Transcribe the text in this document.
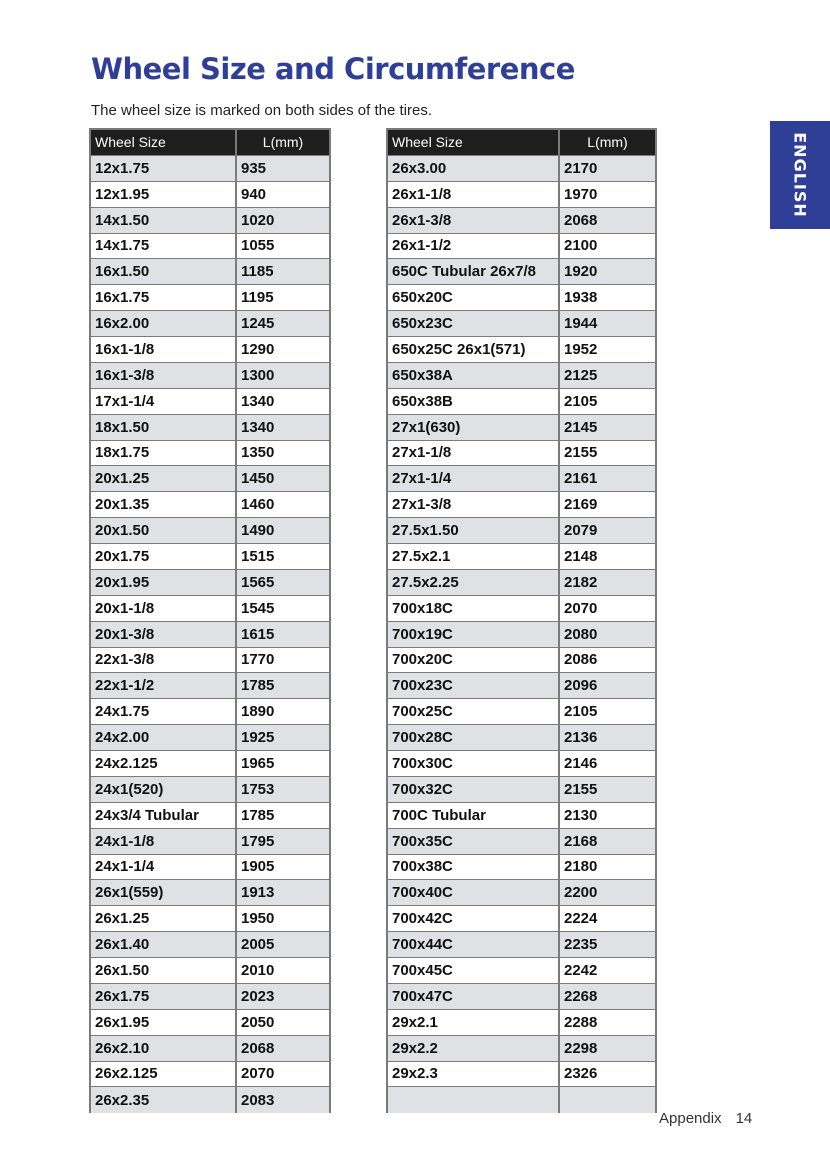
Wheel Size and Circumference

The wheel size is marked on both sides of the tires.

ENGLISH
Wheel Size	L(mm)
12x1.75	935
12x1.95	940
14x1.50	1020
14x1.75	1055
16x1.50	1185
16x1.75	1195
16x2.00	1245
16x1-1/8	1290
16x1-3/8	1300
17x1-1/4	1340
18x1.50	1340
18x1.75	1350
20x1.25	1450
20x1.35	1460
20x1.50	1490
20x1.75	1515
20x1.95	1565
20x1-1/8	1545
20x1-3/8	1615
22x1-3/8	1770
22x1-1/2	1785
24x1.75	1890
24x2.00	1925
24x2.125	1965
24x1(520)	1753
24x3/4 Tubular	1785
24x1-1/8	1795
24x1-1/4	1905
26x1(559)	1913
26x1.25	1950
26x1.40	2005
26x1.50	2010
26x1.75	2023
26x1.95	2050
26x2.10	2068
26x2.125	2070
26x2.35	2083
Wheel Size	L(mm)
26x3.00	2170
26x1-1/8	1970
26x1-3/8	2068
26x1-1/2	2100
650C Tubular 26x7/8	1920
650x20C	1938
650x23C	1944
650x25C 26x1(571)	1952
650x38A	2125
650x38B	2105
27x1(630)	2145
27x1-1/8	2155
27x1-1/4	2161
27x1-3/8	2169
27.5x1.50	2079
27.5x2.1	2148
27.5x2.25	2182
700x18C	2070
700x19C	2080
700x20C	2086
700x23C	2096
700x25C	2105
700x28C	2136
700x30C	2146
700x32C	2155
700C Tubular	2130
700x35C	2168
700x38C	2180
700x40C	2200
700x42C	2224
700x44C	2235
700x45C	2242
700x47C	2268
29x2.1	2288
29x2.2	2298
29x2.3	2326
Appendix 14
